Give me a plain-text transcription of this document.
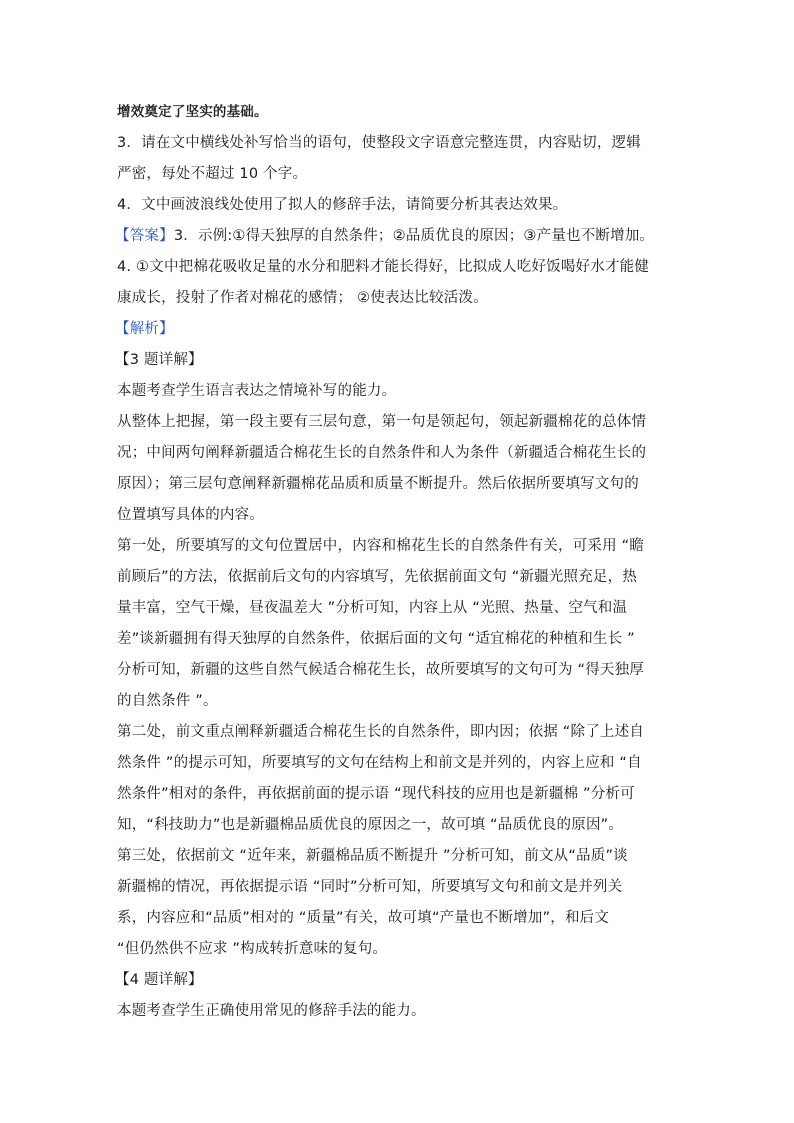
增效奠定了坚实的基础。
3．请在文中横线处补写恰当的语句，使整段文字语意完整连贯，内容贴切，逻辑
严密，每处不超过 10 个字。
4．文中画波浪线处使用了拟人的修辞手法，请简要分析其表达效果。
【答案】3．示例:①得天独厚的自然条件；②品质优良的原因；③产量也不断增加。
4. ①文中把棉花吸收足量的水分和肥料才能长得好，比拟成人吃好饭喝好水才能健
康成长，投射了作者对棉花的感情； ②使表达比较活泼。
【解析】
【3 题详解】
本题考查学生语言表达之情境补写的能力。
从整体上把握，第一段主要有三层句意，第一句是领起句，领起新疆棉花的总体情
况；中间两句阐释新疆适合棉花生长的自然条件和人为条件（新疆适合棉花生长的
原因）；第三层句意阐释新疆棉花品质和质量不断提升。然后依据所要填写文句的
位置填写具体的内容。
第一处，所要填写的文句位置居中，内容和棉花生长的自然条件有关，可采用 “瞻
前顾后”的方法，依据前后文句的内容填写，先依据前面文句 “新疆光照充足，热
量丰富，空气干燥，昼夜温差大 ”分析可知，内容上从 “光照、热量、空气和温
差”谈新疆拥有得天独厚的自然条件，依据后面的文句 “适宜棉花的种植和生长 ”
分析可知，新疆的这些自然气候适合棉花生长，故所要填写的文句可为 “得天独厚
的自然条件 ”。
第二处，前文重点阐释新疆适合棉花生长的自然条件，即内因；依据 “除了上述自
然条件 ”的提示可知，所要填写的文句在结构上和前文是并列的，内容上应和 “自
然条件”相对的条件，再依据前面的提示语 “现代科技的应用也是新疆棉 ”分析可
知，“科技助力”也是新疆棉品质优良的原因之一，故可填 “品质优良的原因”。
第三处，依据前文 “近年来，新疆棉品质不断提升 ”分析可知，前文从“品质”谈
新疆棉的情况，再依据提示语 “同时”分析可知，所要填写文句和前文是并列关
系，内容应和“品质”相对的 “质量”有关，故可填“产量也不断增加”，和后文
“但仍然供不应求 ”构成转折意味的复句。
【4 题详解】
本题考查学生正确使用常见的修辞手法的能力。
